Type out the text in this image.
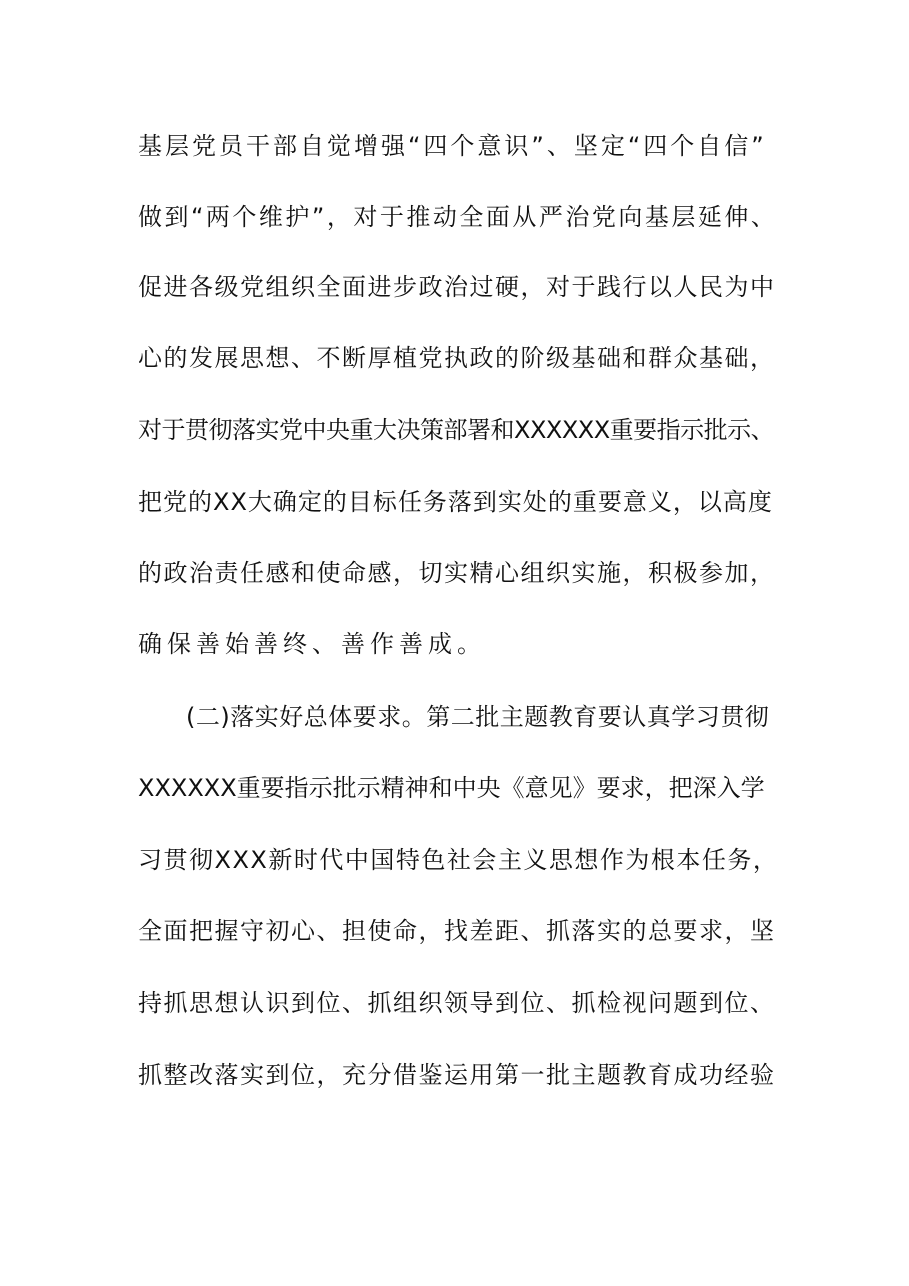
基层党员干部自觉增强“四个意识”、坚定“四个自信”
做到“两个维护”，对于推动全面从严治党向基层延伸、
促进各级党组织全面进步政治过硬，对于践行以人民为中
心的发展思想、不断厚植党执政的阶级基础和群众基础，
对于贯彻落实党中央重大决策部署和XXXXXX重要指示批示、
把党的XX大确定的目标任务落到实处的重要意义，以高度
的政治责任感和使命感，切实精心组织实施，积极参加，
确保善始善终、善作善成。
(二)落实好总体要求。第二批主题教育要认真学习贯彻
XXXXXX重要指示批示精神和中央《意见》要求，把深入学
习贯彻XXX新时代中国特色社会主义思想作为根本任务，
全面把握守初心、担使命，找差距、抓落实的总要求，坚
持抓思想认识到位、抓组织领导到位、抓检视问题到位、
抓整改落实到位，充分借鉴运用第一批主题教育成功经验
